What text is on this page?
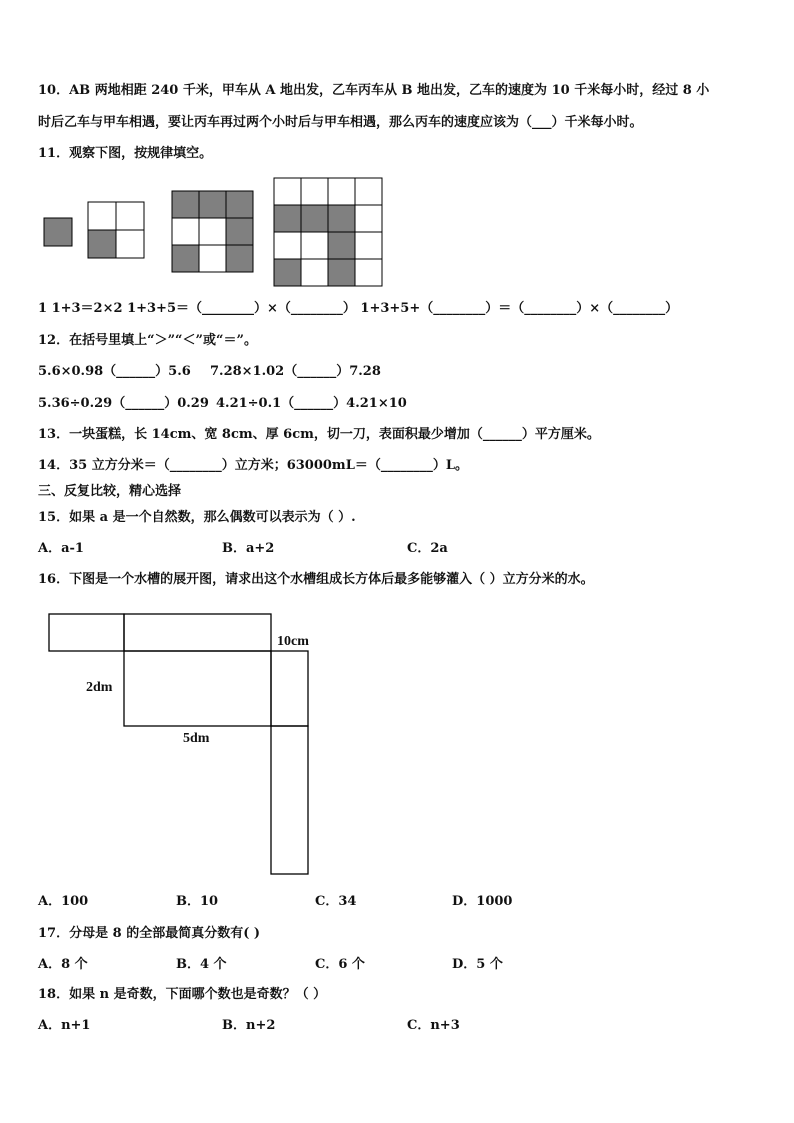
10．AB 两地相距 240 千米，甲车从 A 地出发，乙车丙车从 B 地出发，乙车的速度为 10 千米每小时，经过 8 小
时后乙车与甲车相遇，要让丙车再过两个小时后与甲车相遇，那么丙车的速度应该为（___）千米每小时。
11．观察下图，按规律填空。
1 1+3＝2×2 1+3+5＝（________）×（________） 1+3+5+（________）＝（________）×（________）
12．在括号里填上“＞”“＜”或“＝”。
5.6×0.98（______）5.6 7.28×1.02（______）7.28
5.36÷0.29（______）0.29 4.21÷0.1（______）4.21×10
13．一块蛋糕，长 14cm、宽 8cm、厚 6cm，切一刀，表面积最少增加（______）平方厘米。
14．35 立方分米＝（________）立方米；63000mL＝（________）L。
三、反复比较，精心选择
15．如果 a 是一个自然数，那么偶数可以表示为（ ）.
A．a-1	B．a+2	C．2a
16．下图是一个水槽的展开图，请求出这个水槽组成长方体后最多能够灌入（ ）立方分米的水。
10cm
2dm
5dm
A．100	B．10	C．34	D．1000
17．分母是 8 的全部最简真分数有( )
A．8 个	B．4 个	C．6 个	D．5 个
18．如果 n 是奇数，下面哪个数也是奇数？（ ）
A．n+1	B．n+2	C．n+3
